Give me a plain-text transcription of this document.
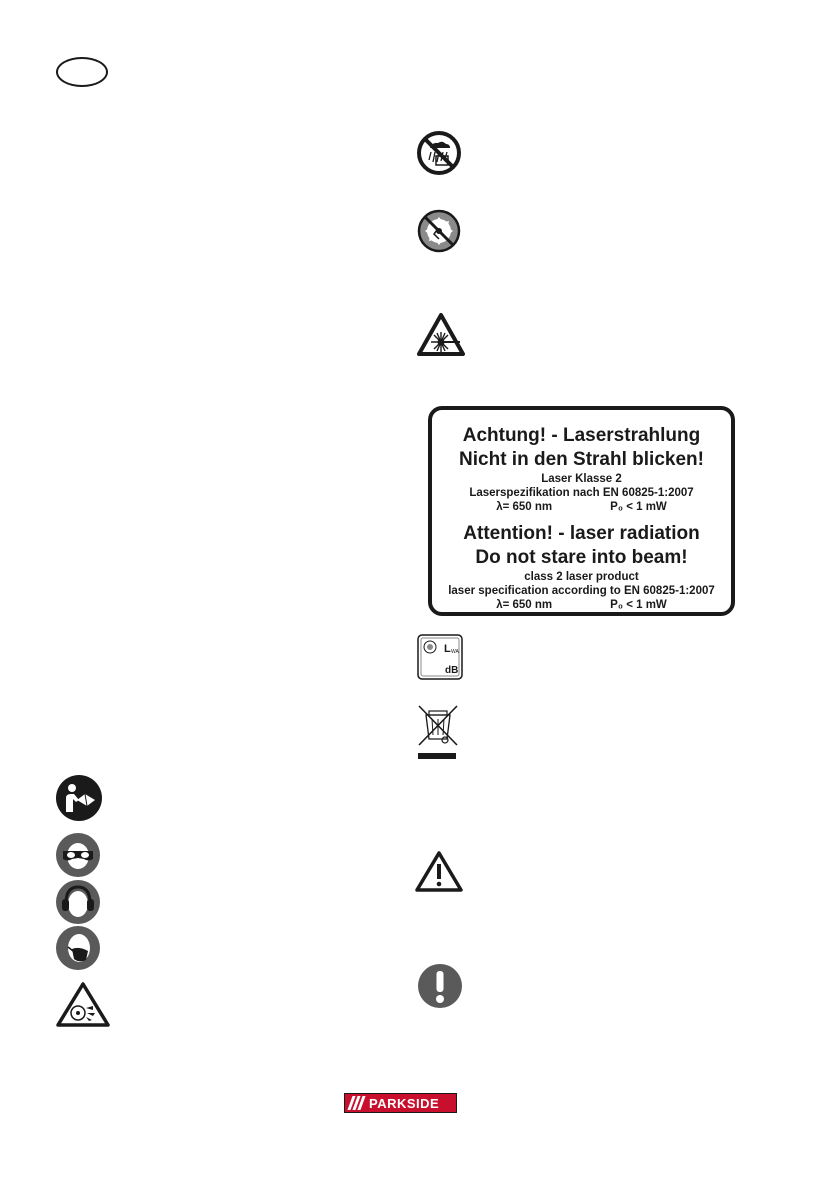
Achtung! - Laserstrahlung
Nicht in den Strahl blicken!
Laser Klasse 2
Laserspezifikation nach EN 60825-1:2007
λ= 650 nm	P₀ < 1 mW
Attention! - laser radiation
Do not stare into beam!
class 2 laser product
laser specification according to EN 60825-1:2007
λ= 650 nm	P₀ < 1 mW
L WA
dB
PARKSIDE
